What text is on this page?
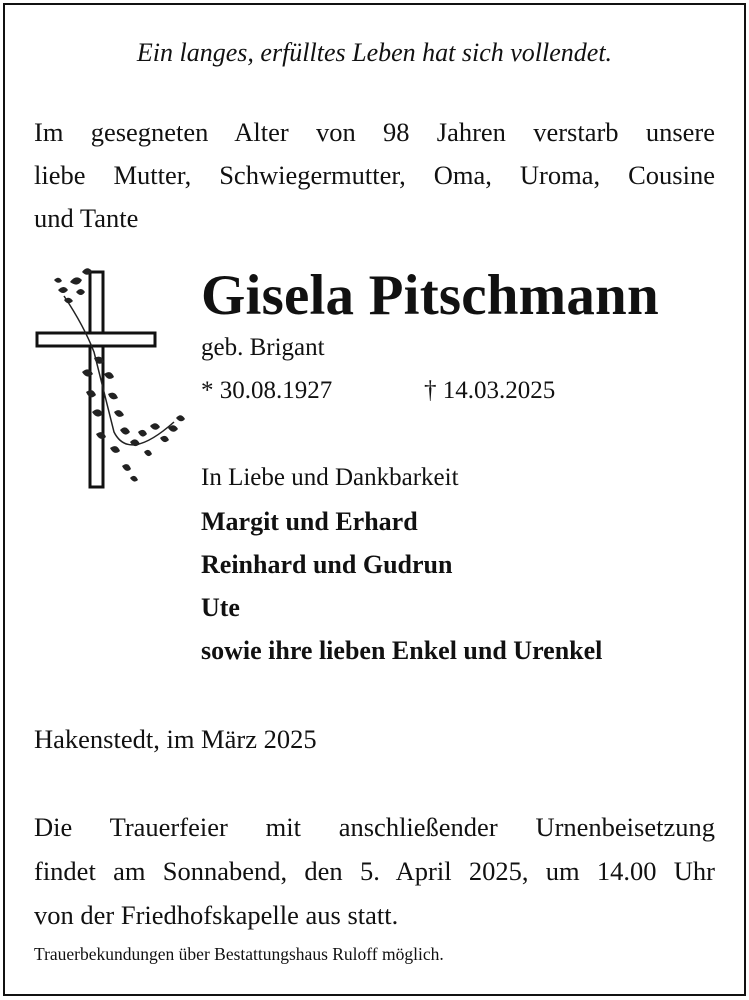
Ein langes, erfülltes Leben hat sich vollendet.
Im gesegneten Alter von 98 Jahren verstarb unsere
liebe Mutter, Schwiegermutter, Oma, Uroma, Cousine
und Tante
Gisela Pitschmann
geb. Brigant
* 30.08.1927	† 14.03.2025
In Liebe und Dankbarkeit
Margit und Erhard
Reinhard und Gudrun
Ute
sowie ihre lieben Enkel und Urenkel
Hakenstedt, im März 2025
Die Trauerfeier mit anschließender Urnenbeisetzung
findet am Sonnabend, den 5. April 2025, um 14.00 Uhr
von der Friedhofskapelle aus statt.
Trauerbekundungen über Bestattungshaus Ruloff möglich.
